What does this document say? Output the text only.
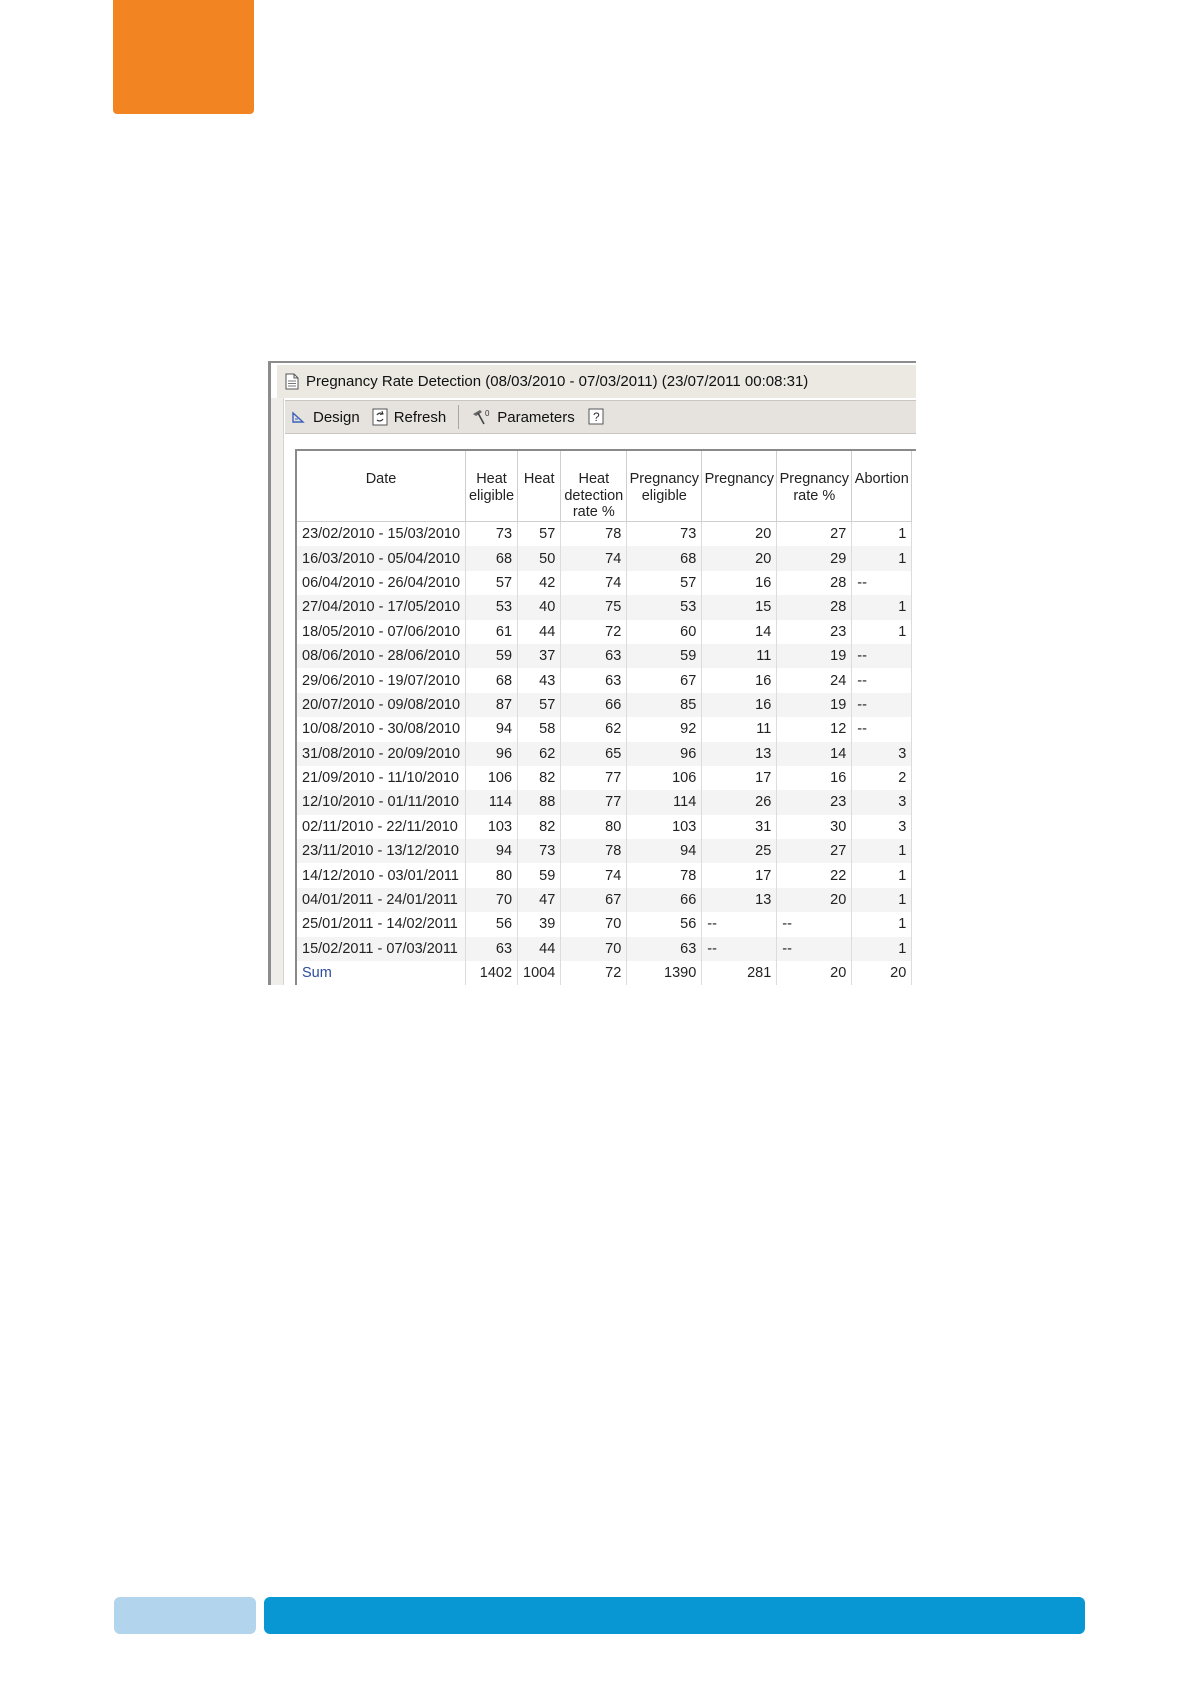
Pregnancy Rate Detection (08/03/2010 - 07/03/2011) (23/07/2011 00:08:31)
Design Refresh	0 Parameters ?
Date	Heat eligible	Heat	Heat detection rate %	Pregnancy eligible	Pregnancy	Pregnancy rate %	Abortion
23/02/2010 - 15/03/2010	73	57	78	73	20	27	1
16/03/2010 - 05/04/2010	68	50	74	68	20	29	1
06/04/2010 - 26/04/2010	57	42	74	57	16	28	--
27/04/2010 - 17/05/2010	53	40	75	53	15	28	1
18/05/2010 - 07/06/2010	61	44	72	60	14	23	1
08/06/2010 - 28/06/2010	59	37	63	59	11	19	--
29/06/2010 - 19/07/2010	68	43	63	67	16	24	--
20/07/2010 - 09/08/2010	87	57	66	85	16	19	--
10/08/2010 - 30/08/2010	94	58	62	92	11	12	--
31/08/2010 - 20/09/2010	96	62	65	96	13	14	3
21/09/2010 - 11/10/2010	106	82	77	106	17	16	2
12/10/2010 - 01/11/2010	114	88	77	114	26	23	3
02/11/2010 - 22/11/2010	103	82	80	103	31	30	3
23/11/2010 - 13/12/2010	94	73	78	94	25	27	1
14/12/2010 - 03/01/2011	80	59	74	78	17	22	1
04/01/2011 - 24/01/2011	70	47	67	66	13	20	1
25/01/2011 - 14/02/2011	56	39	70	56	--	--	1
15/02/2011 - 07/03/2011	63	44	70	63	--	--	1
Sum	1402	1004	72	1390	281	20	20
